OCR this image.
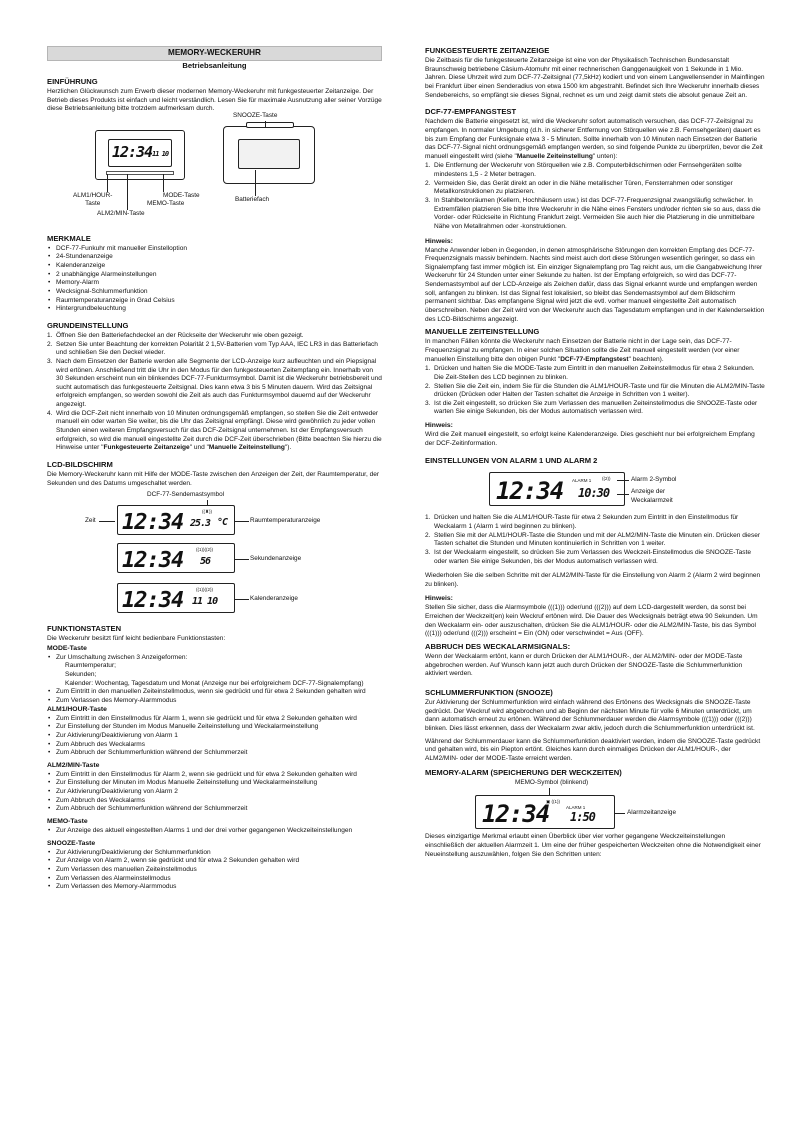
MEMORY-WECKERUHR
Betriebsanleitung
EINFÜHRUNG

Herzlichen Glückwunsch zum Erwerb dieser modernen Memory-Weckeruhr mit funkgesteuerter Zeitanzeige. Der Betrieb dieses Produkts ist einfach und leicht verständlich. Lesen Sie für maximale Ausnutzung aller seiner Vorzüge diese Betriebsanleitung bitte trotzdem aufmerksam durch.

12:34 11 10
SNOOZE-Taste
ALM1/HOUR-
Taste
MODE-Taste
MEMO-Taste
ALM2/MIN-Taste
Batteriefach
MERKMALE
• DCF-77-Funkuhr mit manueller Einstelloption
• 24-Stundenanzeige
• Kalenderanzeige
• 2 unabhängige Alarmeinstellungen
• Memory-Alarm
• Wecksignal-Schlummerfunktion
• Raumtemperaturanzeige in Grad Celsius
• Hintergrundbeleuchtung
GRUNDEINSTELLUNG
1. Öffnen Sie den Batteriefachdeckel an der Rückseite der Weckeruhr wie oben gezeigt.
2. Setzen Sie unter Beachtung der korrekten Polarität 2 1,5V-Batterien vom Typ AAA, IEC LR3 in das Batteriefach und schließen Sie den Deckel wieder.
3. Nach dem Einsetzen der Batterie werden alle Segmente der LCD-Anzeige kurz aufleuchten und ein Piepsignal wird ertönen. Anschließend tritt die Uhr in den Modus für den funkgesteuerten Zeitempfang ein. Innerhalb von 30 Sekunden erscheint nun ein blinkendes DCF-77-Funkturmsymbol. Damit ist die Weckeruhr betriebsbereit und sucht automatisch das funkgesteuerte Zeitsignal. Dies kann etwa 3 bis 5 Minuten dauern. Wird das Zeitsignal erfolgreich empfangen, so werden sowohl die Zeit als auch das Funkturmsymbol dauernd auf der Weckeruhr angezeigt.
4. Wird die DCF-Zeit nicht innerhalb von 10 Minuten ordnungsgemäß empfangen, so stellen Sie die Zeit entweder manuell ein oder warten Sie weiter, bis die Uhr das Zeitsignal empfängt. Diese wird gewöhnlich zu jeder vollen Stunden einen weiteren Empfangsversuch für das DCF-Zeitsignal unternehmen. Ist der Empfangsversuch erfolgreich, so wird die manuell eingestellte Zeit durch die DCF-Zeit überschrieben (Bitte beachten Sie hierzu die Hinweise unter "Funkgesteuerte Zeitanzeige" und "Manuelle Zeiteinstellung").
LCD-BILDSCHIRM

Die Memory-Weckeruhr kann mit Hilfe der MODE-Taste zwischen den Anzeigen der Zeit, der Raumtemperatur, der Sekunden und des Datums umgeschaltet werden.

DCF-77-Sendemastsymbol
Zeit 12:34	((♜))
25.3 °C	Raumtemperaturanzeige
12:34	((1))((2))
56	Sekundenanzeige
12:34	((1))((2))
11 10	Kalenderanzeige
FUNKTIONSTASTEN

Die Weckeruhr besitzt fünf leicht bedienbare Funktionstasten:

MODE-Taste
• Zur Umschaltung zwischen 3 Anzeigeformen:
Raumtemperatur;
Sekunden;
Kalender: Wochentag, Tagesdatum und Monat (Anzeige nur bei erfolgreichem DCF-77-Signalempfang)
• Zum Eintritt in den manuellen Zeiteinstellmodus, wenn sie gedrückt und für etwa 2 Sekunden gehalten wird
• Zum Verlassen des Memory-Alarmmodus
ALM1/HOUR-Taste
• Zum Eintritt in den Einstellmodus für Alarm 1, wenn sie gedrückt und für etwa 2 Sekunden gehalten wird
• Zur Einstellung der Stunden im Modus Manuelle Zeiteinstellung und Weckalarmeinstellung
• Zur Aktivierung/Deaktivierung von Alarm 1
• Zum Abbruch des Weckalarms
• Zum Abbruch der Schlummerfunktion während der Schlummerzeit
ALM2/MIN-Taste
• Zum Eintritt in den Einstellmodus für Alarm 2, wenn sie gedrückt und für etwa 2 Sekunden gehalten wird
• Zur Einstellung der Minuten im Modus Manuelle Zeiteinstellung und Weckalarmeinstellung
• Zur Aktivierung/Deaktivierung von Alarm 2
• Zum Abbruch des Weckalarms
• Zum Abbruch der Schlummerfunktion während der Schlummerzeit
MEMO-Taste
• Zur Anzeige des aktuell eingestellten Alarms 1 und der drei vorher gegangenen Weckzeiteinstellungen
SNOOZE-Taste
• Zur Aktivierung/Deaktivierung der Schlummerfunktion
• Zur Anzeige von Alarm 2, wenn sie gedrückt und für etwa 2 Sekunden gehalten wird
• Zum Verlassen des manuellen Zeiteinstellmodus
• Zum Verlassen des Alarmeinstellmodus
• Zum Verlassen des Memory-Alarmmodus
FUNKGESTEUERTE ZEITANZEIGE

Die Zeitbasis für die funkgesteuerte Zeitanzeige ist eine von der Physikalisch Technischen Bundesanstalt Braunschweig betriebene Cäsium-Atomuhr mit einer rechnerischen Ganggenauigkeit von 1 Sekunde in 1 Mio. Jahren. Diese Uhrzeit wird zum DCF-77-Zeitsignal (77,5kHz) kodiert und von einem Langwellensender in Mainflingen bei Frankfurt über einen Senderadius von etwa 1500 km abgestrahlt. Befindet sich Ihre Weckeruhr innerhalb dieses Sendebereichs, so empfängt sie dieses Signal, rechnet es um und zeigt damit stets die absolut genaue Zeit an.

DCF-77-EMPFANGSTEST

Nachdem die Batterie eingesetzt ist, wird die Weckeruhr sofort automatisch versuchen, das DCF-77-Zeitsignal zu empfangen. In normaler Umgebung (d.h. in sicherer Entfernung von Störquellen wie z.B. Fernsehgeräten) dauert es bis zum Empfang der Funksignale etwa 3 - 5 Minuten. Sollte innerhalb von 10 Minuten nach Einsetzen der Batterie das DCF-77-Signal nicht ordnungsgemäß empfangen werden, so sind folgende Punkte zu überprüfen, bevor die Zeit manuell eingestellt wird (siehe "Manuelle Zeiteinstellung" unten):

1. Die Entfernung der Weckeruhr von Störquellen wie z.B. Computerbildschirmen oder Fernsehgeräten sollte mindestens 1,5 - 2 Meter betragen.
2. Vermeiden Sie, das Gerät direkt an oder in die Nähe metallischer Türen, Fensterrahmen oder sonstiger Metallkonstruktionen zu platzieren.
3. In Stahlbetonräumen (Kellern, Hochhäusern usw.) ist das DCF-77-Frequenzsignal zwangsläufig schwächer. In Extremfällen platzieren Sie bitte Ihre Weckeruhr in die Nähe eines Fensters und/oder richten sie so aus, dass die Vorder- oder Rückseite in Richtung Frankfurt zeigt. Vermeiden Sie auch hier die Platzierung in die unmittelbare Nähe von Metallrahmen oder -konstruktionen.
Hinweis:

Manche Anwender leben in Gegenden, in denen atmosphärische Störungen den korrekten Empfang des DCF-77-Frequenzsignals massiv behindern. Nachts sind meist auch dort diese Störungen wesentlich geringer, so dass ein Signalempfang fast immer möglich ist. Ein einziger Signalempfang pro Tag reicht aus, um die Gangabweichung Ihrer Weckeruhr für 24 Stunden unter einer Sekunde zu halten. Ist der Empfang erfolgreich, so wird das DCF-77-Sendemastsymbol auf der LCD-Anzeige als Zeichen dafür, dass das Signal erkannt wurde und empfangen werden soll, anfangen zu blinken. Ist das Signal fest lokalisiert, so bleibt das Sendemastsymbol auf dem Bildschirm permanent sichtbar. Das empfangene Signal wird jetzt die evtl. vorher manuell eingestellte Zeit automatisch überschreiben. Neben der Zeit wird von der Weckeruhr auch das Tagesdatum empfangen und in der Kalendersektion des LCD-Bildschirms angezeigt.

MANUELLE ZEITEINSTELLUNG

In manchen Fällen könnte die Weckeruhr nach Einsetzen der Batterie nicht in der Lage sein, das DCF-77-Frequenzsignal zu empfangen. In einer solchen Situation sollte die Zeit manuell eingestellt werden (vor einer manuellen Einstellung bitte den obigen Punkt "DCF-77-Empfangstest" beachten).

1. Drücken und halten Sie die MODE-Taste zum Eintritt in den manuellen Zeiteinstellmodus für etwa 2 Sekunden. Die Zeit-Stellen des LCD beginnen zu blinken.
2. Stellen Sie die Zeit ein, indem Sie für die Stunden die ALM1/HOUR-Taste und für die Minuten die ALM2/MIN-Taste drücken (Drücken oder Halten der Tasten schaltet die Anzeige in Schritten von 1 weiter).
3. Ist die Zeit eingestellt, so drücken Sie zum Verlassen des manuellen Zeiteinstellmodus die SNOOZE-Taste oder warten Sie einige Sekunden, bis der Modus automatisch verlassen wird.
Hinweis:

Wird die Zeit manuell eingestellt, so erfolgt keine Kalenderanzeige. Dies geschieht nur bei erfolgreichem Empfang der DCF-Zeitinformation.

EINSTELLUNGEN VON ALARM 1 UND ALARM 2
12:34 ALARM 1 ((2))
10:30
Alarm 2-Symbol
Anzeige der
Weckalarmzeit
1. Drücken und halten Sie die ALM1/HOUR-Taste für etwa 2 Sekunden zum Eintritt in den Einstellmodus für Weckalarm 1 (Alarm 1 wird beginnen zu blinken).
2. Stellen Sie mit der ALM1/HOUR-Taste die Stunden und mit der ALM2/MIN-Taste die Minuten ein. Drücken dieser Tasten schaltet die Stunden und Minuten kontinuierlich in Schritten von 1 weiter.
3. Ist der Weckalarm eingestellt, so drücken Sie zum Verlassen des Weckzeit-Einstellmodus die SNOOZE-Taste oder warten Sie einige Sekunden, bis der Modus automatisch verlassen wird.

Wiederholen Sie die selben Schritte mit der ALM2/MIN-Taste für die Einstellung von Alarm 2 (Alarm 2 wird beginnen zu blinken).

Hinweis:

Stellen Sie sicher, dass die Alarmsymbole (((1))) oder/und (((2))) auf dem LCD-dargestellt werden, da sonst bei Erreichen der Weckzeit(en) kein Weckruf ertönen wird. Die Dauer des Wecksignals beträgt etwa 90 Sekunden. Um den Weckalarm ein- oder auszuschalten, drücken Sie die ALM1/HOUR- oder die ALM2/MIN-Taste, bis das Symbol (((1))) oder/und (((2))) erscheint = Ein (ON) oder verschwindet = Aus (OFF).

ABBRUCH DES WECKALARMSIGNALS:

Wenn der Weckalarm ertönt, kann er durch Drücken der ALM1/HOUR-, der ALM2/MIN- oder der MODE-Taste abgebrochen werden. Auf Wunsch kann jetzt auch durch Drücken der SNOOZE-Taste die Schlummerfunktion aktiviert werden.

SCHLUMMERFUNKTION (SNOOZE)

Zur Aktivierung der Schlummerfunktion wird einfach während des Ertönens des Wecksignals die SNOOZE-Taste gedrückt. Der Weckruf wird abgebrochen und ab Beginn der nächsten Minute für volle 6 Minuten unterdrückt, um dann automatisch erneut zu ertönen. Während der Schlummerdauer werden die Alarmsymbole (((1))) oder (((2))) blinken. Dies lässt erkennen, dass der Weckalarm zwar aktiv, jedoch durch die Schlummerfunktion unterdrückt ist.

Während der Schlummerdauer kann die Schlummerfunktion deaktiviert werden, indem die SNOOZE-Taste gedrückt und gehalten wird, bis ein Piepton ertönt. Gleiches kann durch einmaliges Drücken der ALM1/HOUR-, der ALM2/MIN- oder der MODE-Taste erreicht werden.

MEMORY-ALARM (SPEICHERUNG DER WECKZEITEN)
MEMO-Symbol (blinkend)
12:34
▣ ((1))
ALARM 1
1:50	Alarmzeitanzeige

Dieses einzigartige Merkmal erlaubt einen Überblick über vier vorher gegangene Weckzeiteinstellungen einschließlich der aktuellen Alarmzeit 1. Um eine der früher gespeicherten Weckzeiten ohne die Notwendigkeit einer Neueinstellung auszuwählen, folgen Sie den Schritten unten:
